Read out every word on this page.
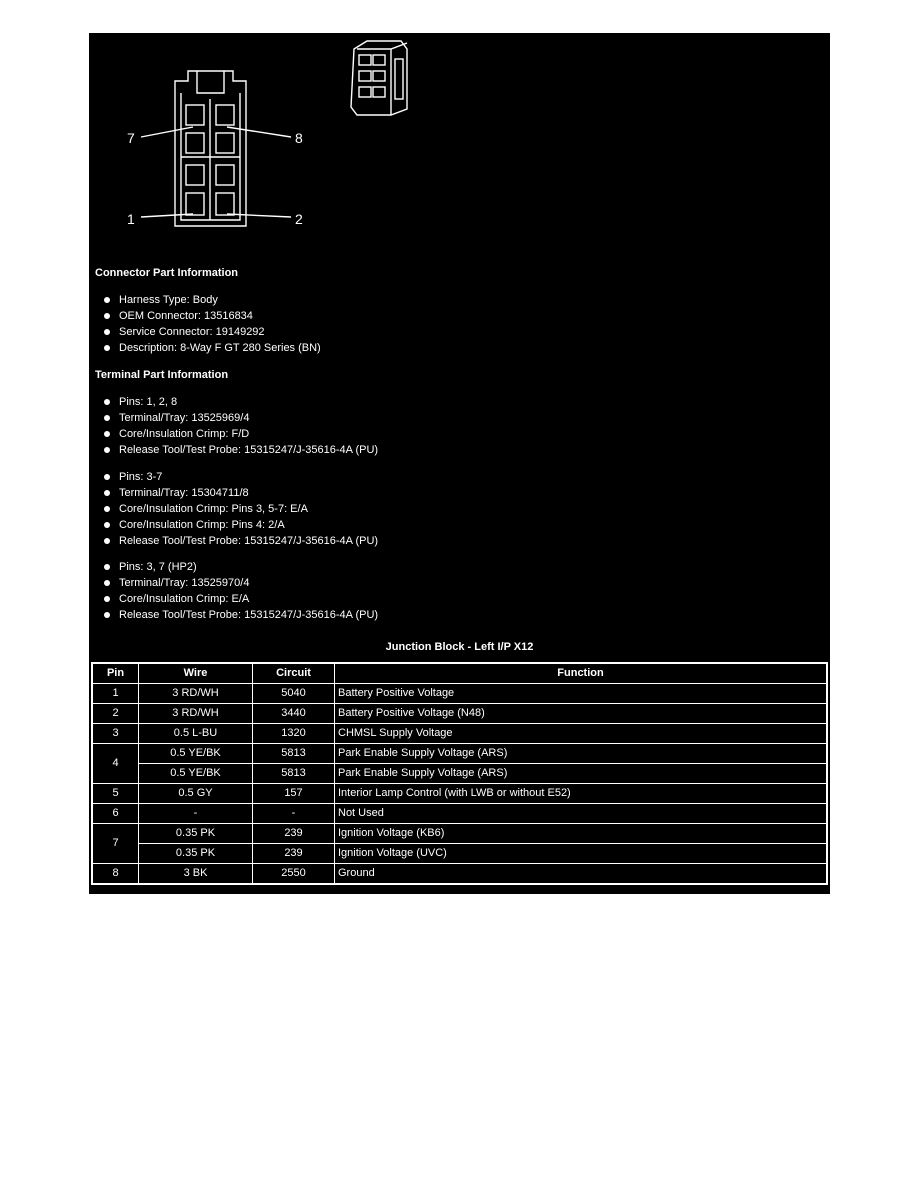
7	8
1	2
Connector Part Information
Harness Type: Body
OEM Connector: 13516834
Service Connector: 19149292
Description: 8-Way F GT 280 Series (BN)
Terminal Part Information
Pins: 1, 2, 8
Terminal/Tray: 13525969/4
Core/Insulation Crimp: F/D
Release Tool/Test Probe: 15315247/J-35616-4A (PU)
Pins: 3-7
Terminal/Tray: 15304711/8
Core/Insulation Crimp: Pins 3, 5-7: E/A
Core/Insulation Crimp: Pins 4: 2/A
Release Tool/Test Probe: 15315247/J-35616-4A (PU)
Pins: 3, 7 (HP2)
Terminal/Tray: 13525970/4
Core/Insulation Crimp: E/A
Release Tool/Test Probe: 15315247/J-35616-4A (PU)
Junction Block - Left I/P X12
Pin	Wire	Circuit	Function
1	3 RD/WH	5040	Battery Positive Voltage
2	3 RD/WH	3440	Battery Positive Voltage (N48)
3	0.5 L-BU	1320	CHMSL Supply Voltage
4	0.5 YE/BK	5813	Park Enable Supply Voltage (ARS)
	0.5 YE/BK	5813	Park Enable Supply Voltage (ARS)
5	0.5 GY	157	Interior Lamp Control (with LWB or without E52)
6	-	-	Not Used
7	0.35 PK	239	Ignition Voltage (KB6)
	0.35 PK	239	Ignition Voltage (UVC)
8	3 BK	2550	Ground
